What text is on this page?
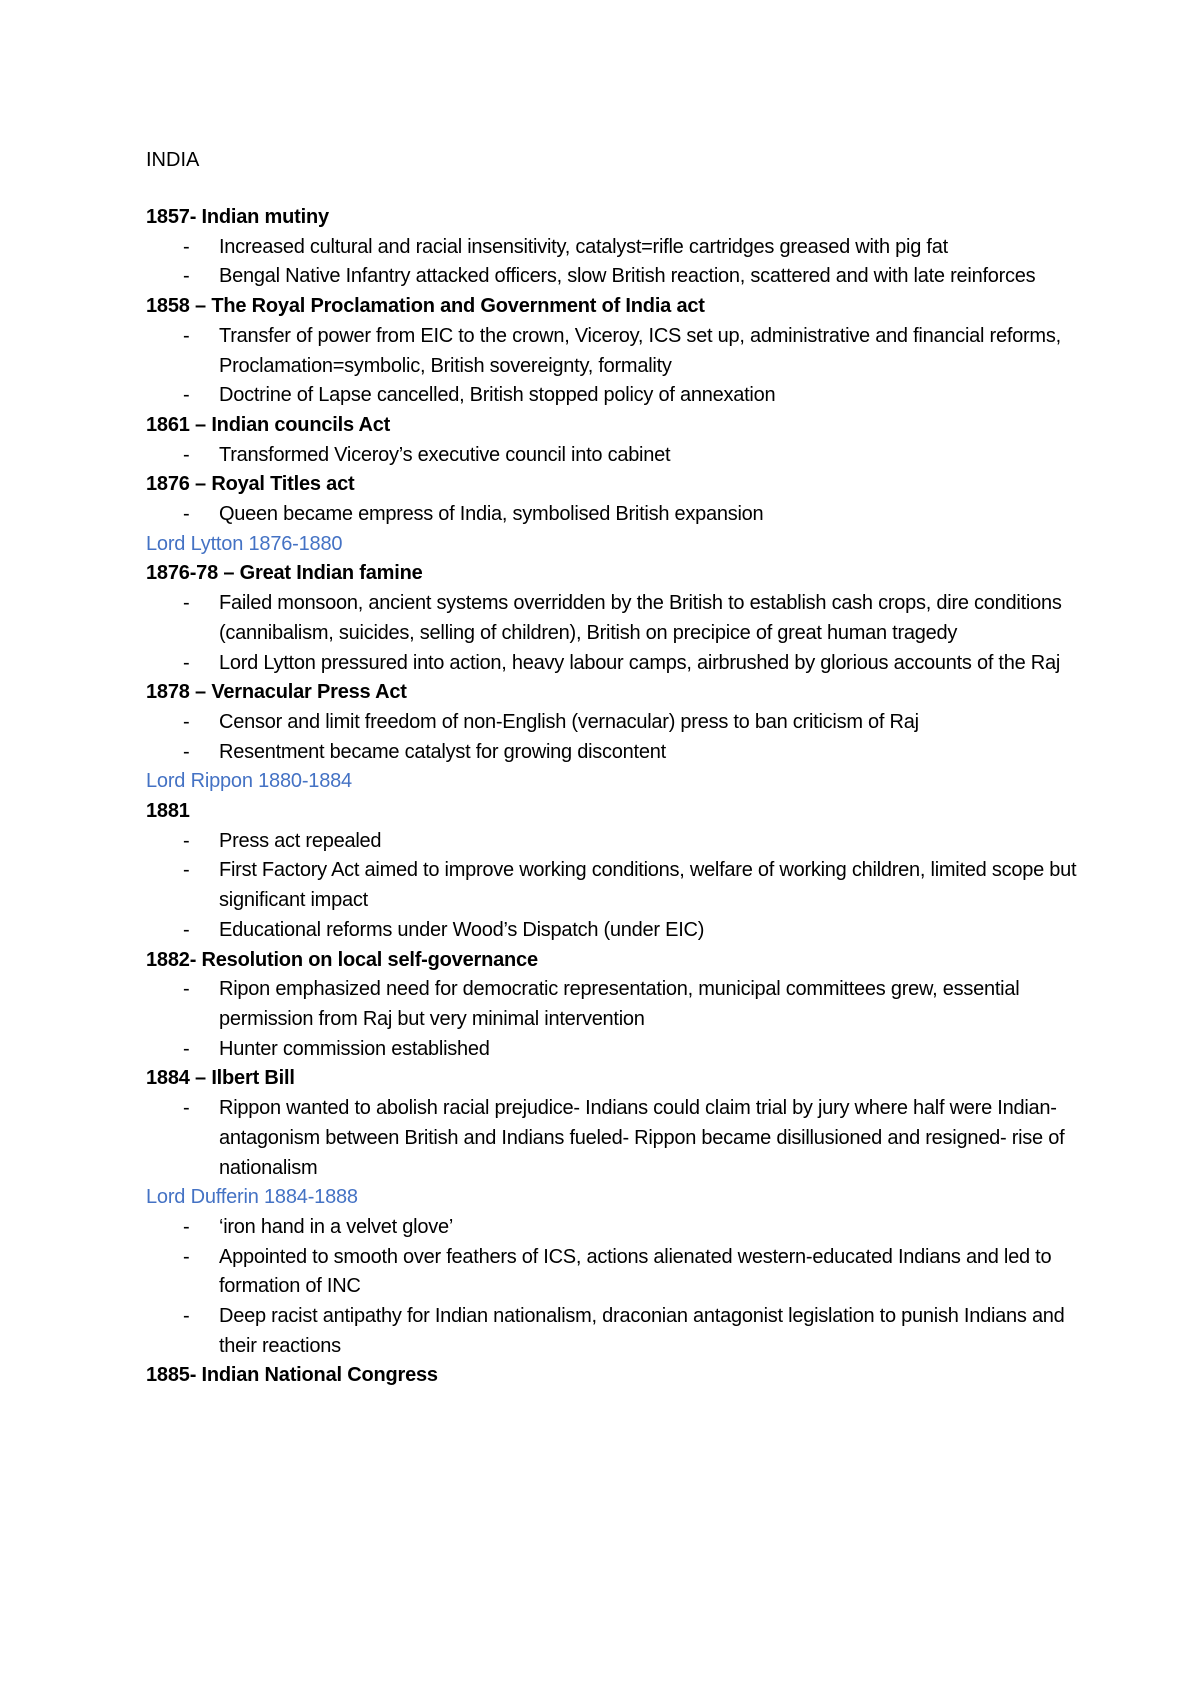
INDIA
1857- Indian mutiny
- Increased cultural and racial insensitivity, catalyst=rifle cartridges greased with pig fat
- Bengal Native Infantry attacked officers, slow British reaction, scattered and with late reinforces
1858 – The Royal Proclamation and Government of India act
- Transfer of power from EIC to the crown, Viceroy, ICS set up, administrative and financial reforms, Proclamation=symbolic, British sovereignty, formality
- Doctrine of Lapse cancelled, British stopped policy of annexation
1861 – Indian councils Act
- Transformed Viceroy’s executive council into cabinet
1876 – Royal Titles act
- Queen became empress of India, symbolised British expansion
Lord Lytton 1876-1880
1876-78 – Great Indian famine
- Failed monsoon, ancient systems overridden by the British to establish cash crops, dire conditions (cannibalism, suicides, selling of children), British on precipice of great human tragedy
- Lord Lytton pressured into action, heavy labour camps, airbrushed by glorious accounts of the Raj
1878 – Vernacular Press Act
- Censor and limit freedom of non-English (vernacular) press to ban criticism of Raj
- Resentment became catalyst for growing discontent
Lord Rippon 1880-1884
1881
- Press act repealed
- First Factory Act aimed to improve working conditions, welfare of working children, limited scope but significant impact
- Educational reforms under Wood’s Dispatch (under EIC)
1882- Resolution on local self-governance
- Ripon emphasized need for democratic representation, municipal committees grew, essential permission from Raj but very minimal intervention
- Hunter commission established
1884 – Ilbert Bill
- Rippon wanted to abolish racial prejudice- Indians could claim trial by jury where half were Indian- antagonism between British and Indians fueled- Rippon became disillusioned and resigned- rise of nationalism
Lord Dufferin 1884-1888
- ‘iron hand in a velvet glove’
- Appointed to smooth over feathers of ICS, actions alienated western-educated Indians and led to formation of INC
- Deep racist antipathy for Indian nationalism, draconian antagonist legislation to punish Indians and their reactions
1885- Indian National Congress
